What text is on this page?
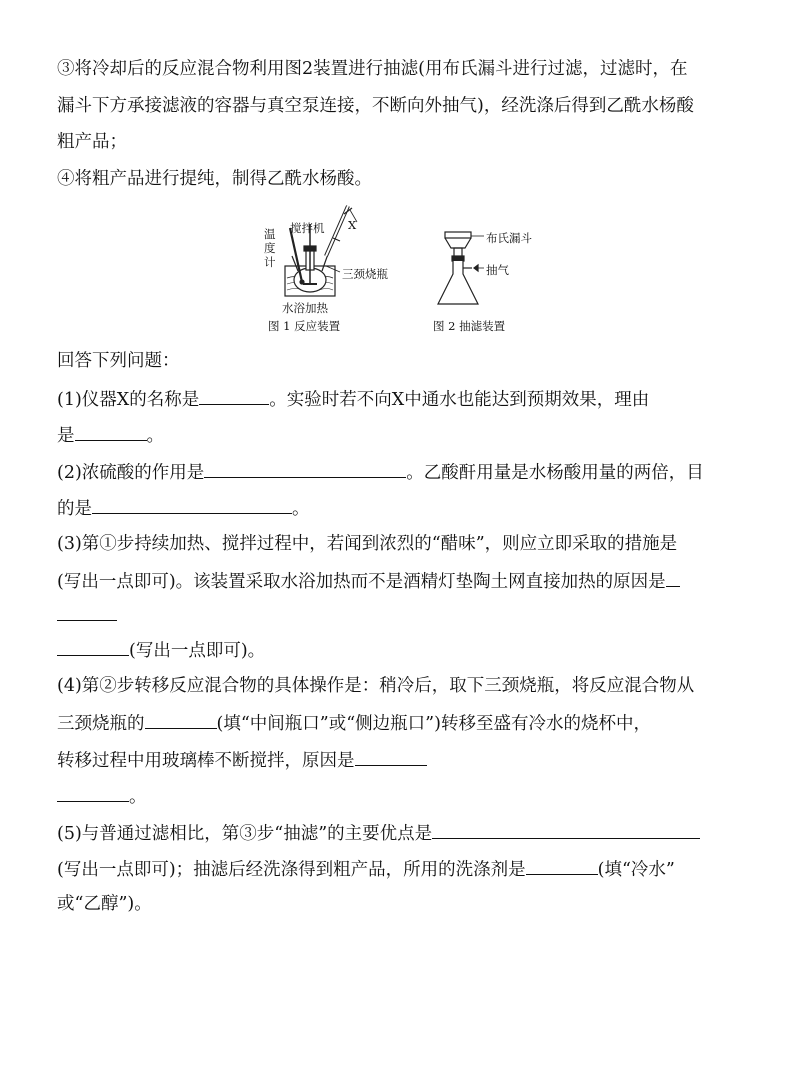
③将冷却后的反应混合物利用图2装置进行抽滤(用布氏漏斗进行过滤，过滤时，在
漏斗下方承接滤液的容器与真空泵连接，不断向外抽气)，经洗涤后得到乙酰水杨酸
粗产品；
④将粗产品进行提纯，制得乙酰水杨酸。
温
度
计
搅拌机 X
三颈烧瓶
水浴加热
图 1 反应装置
布氏漏斗
抽气
图 2 抽滤装置
回答下列问题：
(1)仪器X的名称是	。实验时若不向X中通水也能达到预期效果，理由
是	。
(2)浓硫酸的作用是	。乙酸酐用量是水杨酸用量的两倍，目
的是	。
(3)第①步持续加热、搅拌过程中，若闻到浓烈的“醋味”，则应立即采取的措施是
(写出一点即可)。该装置采取水浴加热而不是酒精灯垫陶土网直接加热的原因是
(写出一点即可)。
(4)第②步转移反应混合物的具体操作是：稍冷后，取下三颈烧瓶，将反应混合物从
三颈烧瓶的	(填“中间瓶口”或“侧边瓶口”)转移至盛有冷水的烧杯中，
转移过程中用玻璃棒不断搅拌，原因是
。
(5)与普通过滤相比，第③步“抽滤”的主要优点是
(写出一点即可)；抽滤后经洗涤得到粗产品，所用的洗涤剂是	(填“冷水”
或“乙醇”)。
